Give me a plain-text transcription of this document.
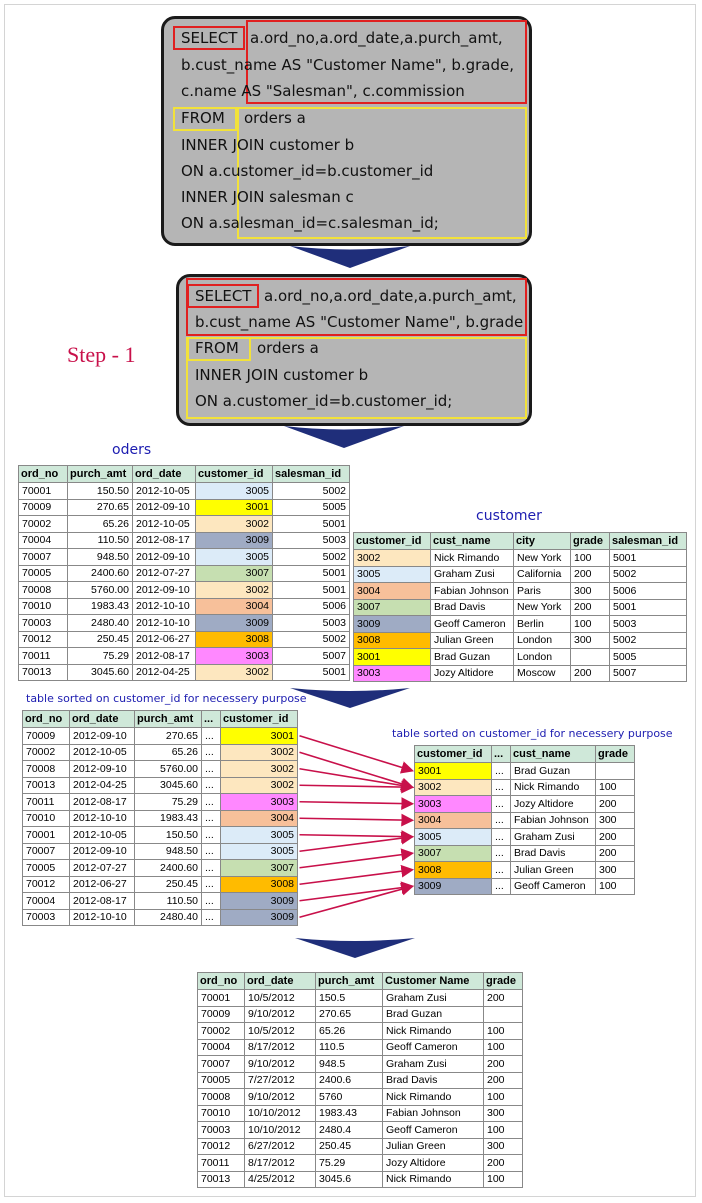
SELECT a.ord_no,a.ord_date,a.purch_amt,
b.cust_name AS "Customer Name", b.grade,
c.name AS "Salesman", c.commission
FROM orders a
INNER JOIN customer b
ON a.customer_id=b.customer_id
INNER JOIN salesman c
ON a.salesman_id=c.salesman_id;
SELECT a.ord_no,a.ord_date,a.purch_amt,
b.cust_name AS "Customer Name", b.grade
FROM orders a
INNER JOIN customer b
ON a.customer_id=b.customer_id;
Step - 1
oders
customer
ord_no	purch_amt	ord_date	customer_id	salesman_id
70001	150.50	2012-10-05	3005	5002
70009	270.65	2012-09-10	3001	5005
70002	65.26	2012-10-05	3002	5001
70004	110.50	2012-08-17	3009	5003
70007	948.50	2012-09-10	3005	5002
70005	2400.60	2012-07-27	3007	5001
70008	5760.00	2012-09-10	3002	5001
70010	1983.43	2012-10-10	3004	5006
70003	2480.40	2012-10-10	3009	5003
70012	250.45	2012-06-27	3008	5002
70011	75.29	2012-08-17	3003	5007
70013	3045.60	2012-04-25	3002	5001
customer_id	cust_name	city	grade	salesman_id
3002	Nick Rimando	New York	100	5001
3005	Graham Zusi	California	200	5002
3004	Fabian Johnson	Paris	300	5006
3007	Brad Davis	New York	200	5001
3009	Geoff Cameron	Berlin	100	5003
3008	Julian Green	London	300	5002
3001	Brad Guzan	London		5005
3003	Jozy Altidore	Moscow	200	5007
table sorted on customer_id for necessery purpose
table sorted on customer_id for necessery purpose
ord_no	ord_date	purch_amt	...	customer_id
70009	2012-09-10	270.65	...	3001
70002	2012-10-05	65.26	...	3002
70008	2012-09-10	5760.00	...	3002
70013	2012-04-25	3045.60	...	3002
70011	2012-08-17	75.29	...	3003
70010	2012-10-10	1983.43	...	3004
70001	2012-10-05	150.50	...	3005
70007	2012-09-10	948.50	...	3005
70005	2012-07-27	2400.60	...	3007
70012	2012-06-27	250.45	...	3008
70004	2012-08-17	110.50	...	3009
70003	2012-10-10	2480.40	...	3009
customer_id	...	cust_name	grade
3001	...	Brad Guzan	
3002	...	Nick Rimando	100
3003	...	Jozy Altidore	200
3004	...	Fabian Johnson	300
3005	...	Graham Zusi	200
3007	...	Brad Davis	200
3008	...	Julian Green	300
3009	...	Geoff Cameron	100
ord_no	ord_date	purch_amt	Customer Name	grade
70001	10/5/2012	150.5	Graham Zusi	200
70009	9/10/2012	270.65	Brad Guzan	
70002	10/5/2012	65.26	Nick Rimando	100
70004	8/17/2012	110.5	Geoff Cameron	100
70007	9/10/2012	948.5	Graham Zusi	200
70005	7/27/2012	2400.6	Brad Davis	200
70008	9/10/2012	5760	Nick Rimando	100
70010	10/10/2012	1983.43	Fabian Johnson	300
70003	10/10/2012	2480.4	Geoff Cameron	100
70012	6/27/2012	250.45	Julian Green	300
70011	8/17/2012	75.29	Jozy Altidore	200
70013	4/25/2012	3045.6	Nick Rimando	100
